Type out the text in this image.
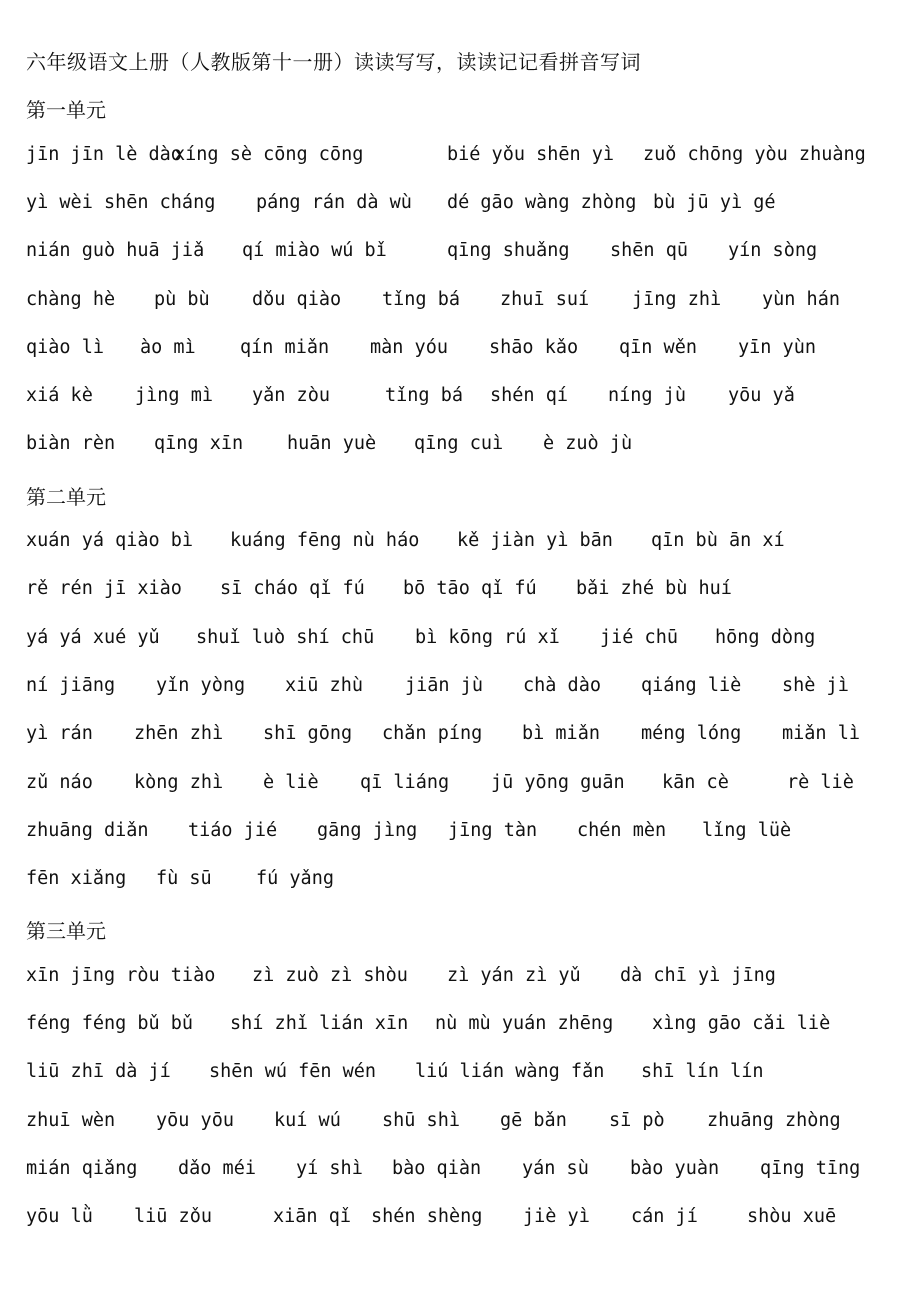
六年级语文上册（人教版第十一册）读读写写，读读记记看拼音写词
第一单元
jīn jīn lè dào
xíng sè cōng cōng	bié yǒu shēn yì zuǒ chōng yòu zhuàng
yì wèi shēn cháng páng rán dà wù dé gāo wàng zhòng bù jū yì gé
nián guò huā jiǎ qí miào wú bǐ	qīng shuǎng shēn qū yín sòng
chàng hè pù bù dǒu qiào tǐng bá zhuī suí jīng zhì yùn hán
qiào lì ào mì qín miǎn màn yóu shāo kǎo qīn wěn yīn yùn
xiá kè jìng mì yǎn zòu	tǐng bá shén qí níng jù yōu yǎ
biàn rèn qīng xīn huān yuè qīng cuì è zuò jù
第二单元
xuán yá qiào bì kuáng fēng nù háo kě jiàn yì bān qīn bù ān xí
rě rén jī xiào sī cháo qǐ fú bō tāo qǐ fú bǎi zhé bù huí
yá yá xué yǔ shuǐ luò shí chū bì kōng rú xǐ jié chū hōng dòng
ní jiāng yǐn yòng xiū zhù jiān jù chà dào qiáng liè shè jì
yì rán zhēn zhì shī gōng chǎn píng bì miǎn méng lóng miǎn lì
zǔ náo kòng zhì è liè qī liáng jū yōng guān kān cè	rè liè
zhuāng diǎn tiáo jié gāng jìng jīng tàn chén mèn lǐng lüè
fēn xiǎng fù sū fú yǎng
第三单元
xīn jīng ròu tiào zì zuò zì shòu zì yán zì yǔ dà chī yì jīng
féng féng bǔ bǔ shí zhǐ lián xīn nù mù yuán zhēng xìng gāo cǎi liè
liū zhī dà jí shēn wú fēn wén liú lián wàng fǎn shī lín lín
zhuī wèn yōu yōu kuí wú shū shì gē bǎn sī pò zhuāng zhòng
mián qiǎng dǎo méi yí shì bào qiàn yán sù bào yuàn qīng tīng
yōu lǜ liū zǒu	xiān qǐ shén shèng jiè yì cán jí	shòu xuē
